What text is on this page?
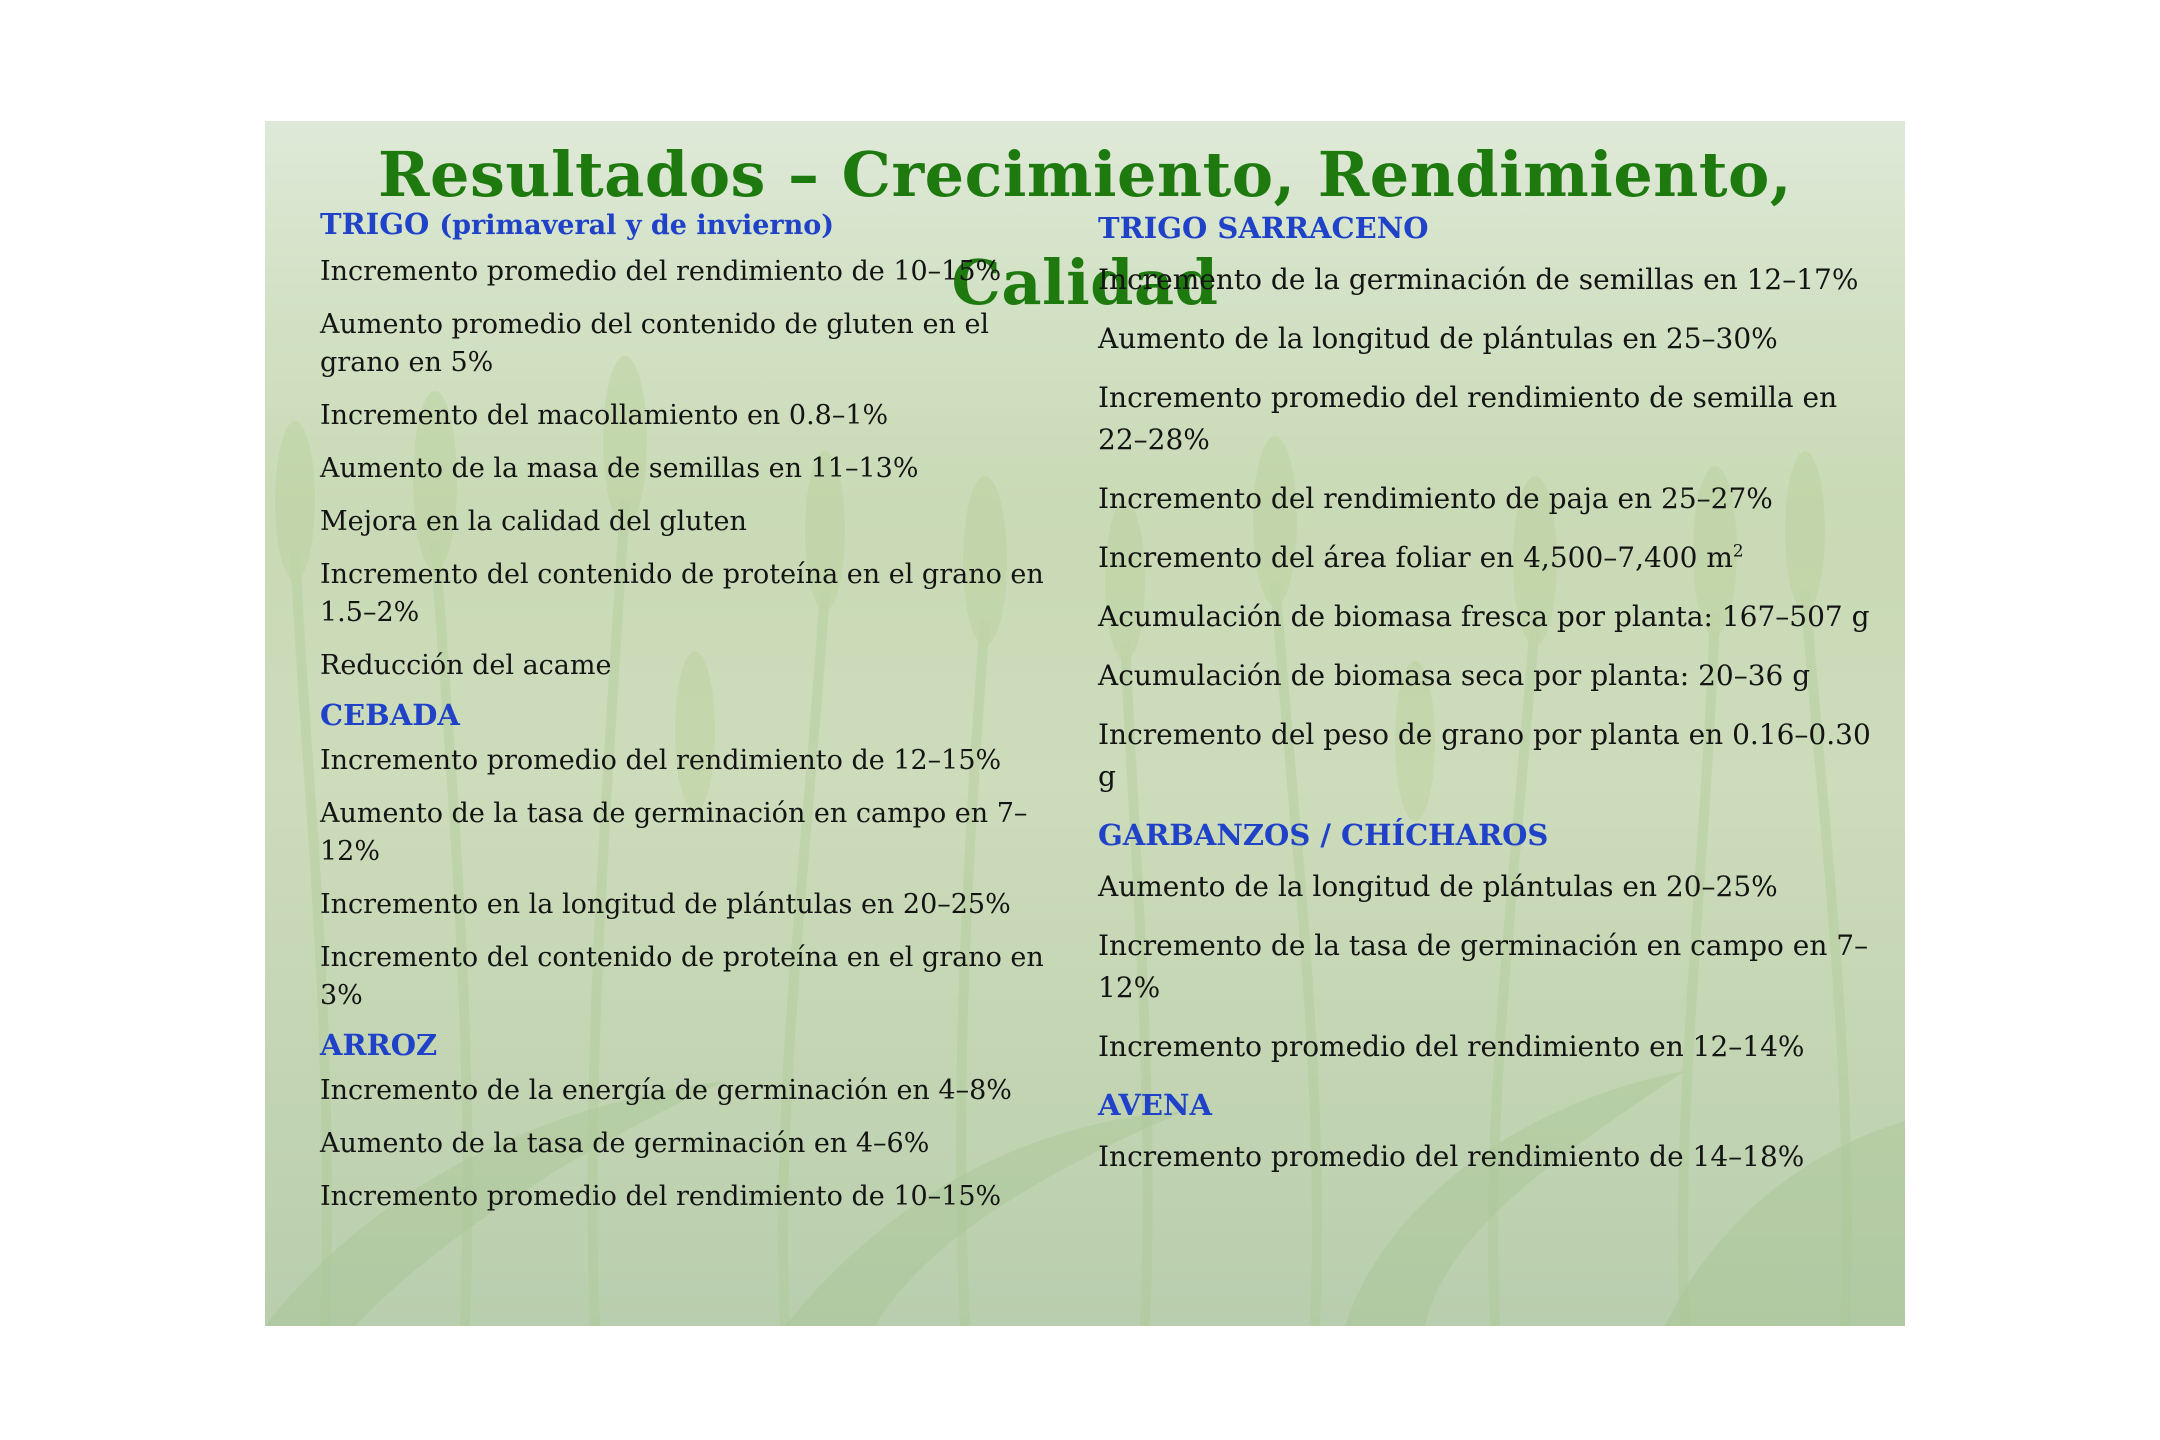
Resultados – Crecimiento, Rendimiento, Calidad

TRIGO (primaveral y de invierno)

Incremento promedio del rendimiento de 10–15%

Aumento promedio del contenido de gluten en el grano en 5%

Incremento del macollamiento en 0.8–1%

Aumento de la masa de semillas en 11–13%

Mejora en la calidad del gluten

Incremento del contenido de proteína en el grano en 1.5–2%

Reducción del acame

CEBADA

Incremento promedio del rendimiento de 12–15%

Aumento de la tasa de germinación en campo en 7–12%

Incremento en la longitud de plántulas en 20–25%

Incremento del contenido de proteína en el grano en 3%

ARROZ

Incremento de la energía de germinación en 4–8%

Aumento de la tasa de germinación en 4–6%

Incremento promedio del rendimiento de 10–15%

TRIGO SARRACENO

Incremento de la germinación de semillas en 12–17%

Aumento de la longitud de plántulas en 25–30%

Incremento promedio del rendimiento de semilla en 22–28%

Incremento del rendimiento de paja en 25–27%

Incremento del área foliar en 4,500–7,400 $m^2$

Acumulación de biomasa fresca por planta: 167–507 g

Acumulación de biomasa seca por planta: 20–36 g

Incremento del peso de grano por planta en 0.16–0.30 g

GARBANZOS / CHÍCHAROS

Aumento de la longitud de plántulas en 20–25%

Incremento de la tasa de germinación en campo en 7–12%

Incremento promedio del rendimiento en 12–14%

AVENA

Incremento promedio del rendimiento de 14–18%
